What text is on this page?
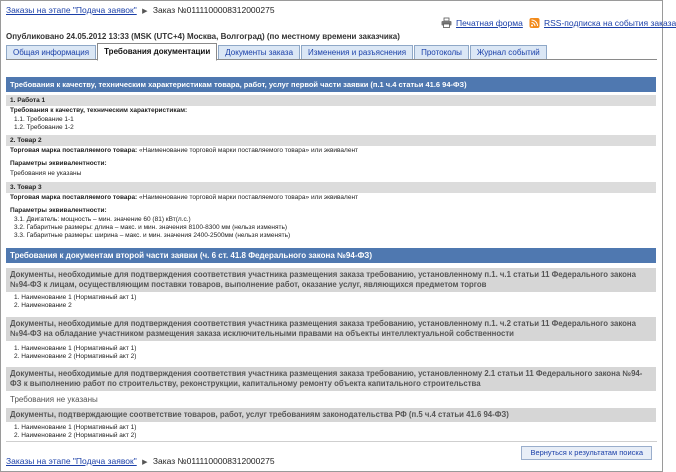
Заказы на этапе "Подача заявок" ▶ Заказ №0111100008312000275
Печатная форма RSS-подписка на события заказа
Опубликовано 24.05.2012 13:33 (MSK (UTC+4) Москва, Волгоград) (по местному времени заказчика)
Общая информация	Требования документации	Документы заказа	Изменения и разъяснения	Протоколы	Журнал событий
Требования к качеству, техническим характеристикам товара, работ, услуг первой части заявки (п.1 ч.4 статьи 41.6 94-ФЗ)
1. Работа 1
Требования к качеству, техническим характеристикам:
1.1. Требование 1-1
1.2. Требование 1-2
2. Товар 2
Торговая марка поставляемого товара: «Наименование торговой марки поставляемого товара» или эквивалент
Параметры эквивалентности:
Требования не указаны
3. Товар 3
Торговая марка поставляемого товара: «Наименование торговой марки поставляемого товара» или эквивалент
Параметры эквивалентности:
3.1. Двигатель: мощность – мин. значение 60 (81) кВт(л.с.)
3.2. Габаритные размеры: длина – макс. и мин. значения 8100-8300 мм (нельзя изменять)
3.3. Габаритные размеры: ширина – макс. и мин. значения 2400-2500мм (нельзя изменять)
Требования к документам второй части заявки (ч. 6 ст. 41.8 Федерального закона №94-ФЗ)
Документы, необходимые для подтверждения соответствия участника размещения заказа требованию, установленному п.1. ч.1 статьи 11 Федерального закона №94-ФЗ к лицам, осуществляющим поставки товаров, выполнение работ, оказание услуг, являющихся предметом торгов
1. Наименование 1 (Нормативный акт 1)
2. Наименование 2
Документы, необходимые для подтверждения соответствия участника размещения заказа требованию, установленному п.1. ч.2 статьи 11 Федерального закона №94-ФЗ на обладание участником размещения заказа исключительными правами на объекты интеллектуальной собственности
1. Наименование 1 (Нормативный акт 1)
2. Наименование 2 (Нормативный акт 2)
Документы, необходимые для подтверждения соответствия участника размещения заказа требованию, установленному 2.1 статьи 11 Федерального закона №94-ФЗ к выполнению работ по строительству, реконструкции, капитальному ремонту объекта капитального строительства
Требования не указаны
Документы, подтверждающие соответствие товаров, работ, услуг требованиям законодательства РФ (п.5 ч.4 статьи 41.6 94-ФЗ)
1. Наименование 1 (Нормативный акт 1)
2. Наименование 2 (Нормативный акт 2)
Вернуться к результатам поиска
Заказы на этапе "Подача заявок" ▶ Заказ №0111100008312000275
